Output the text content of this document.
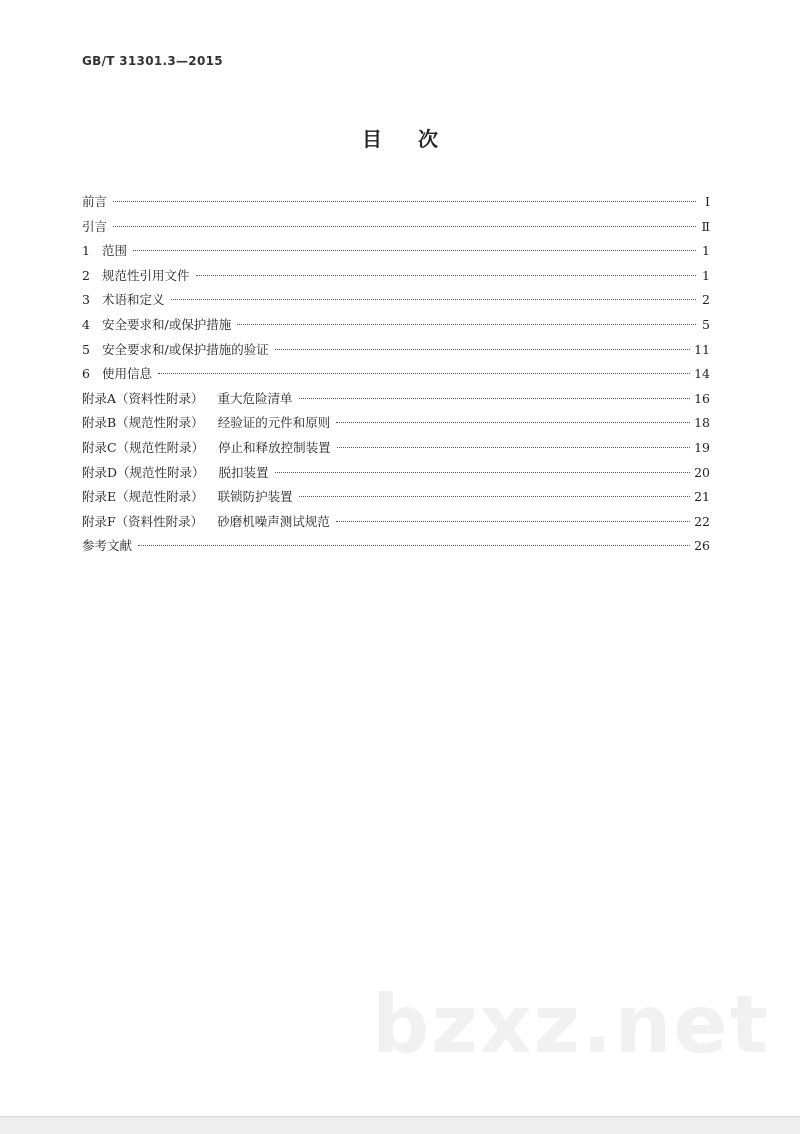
GB/T 31301.3—2015
目次
前言	Ⅰ
引言	Ⅱ
1 范围	1
2 规范性引用文件	1
3 术语和定义	2
4 安全要求和/或保护措施	5
5 安全要求和/或保护措施的验证	11
6 使用信息	14
附录A（资料性附录） 重大危险清单	16
附录B（规范性附录） 经验证的元件和原则	18
附录C（规范性附录） 停止和释放控制装置	19
附录D（规范性附录） 脱扣装置	20
附录E（规范性附录） 联锁防护装置	21
附录F（资料性附录） 砂磨机噪声测试规范	22
参考文献	26
bzxz.net
